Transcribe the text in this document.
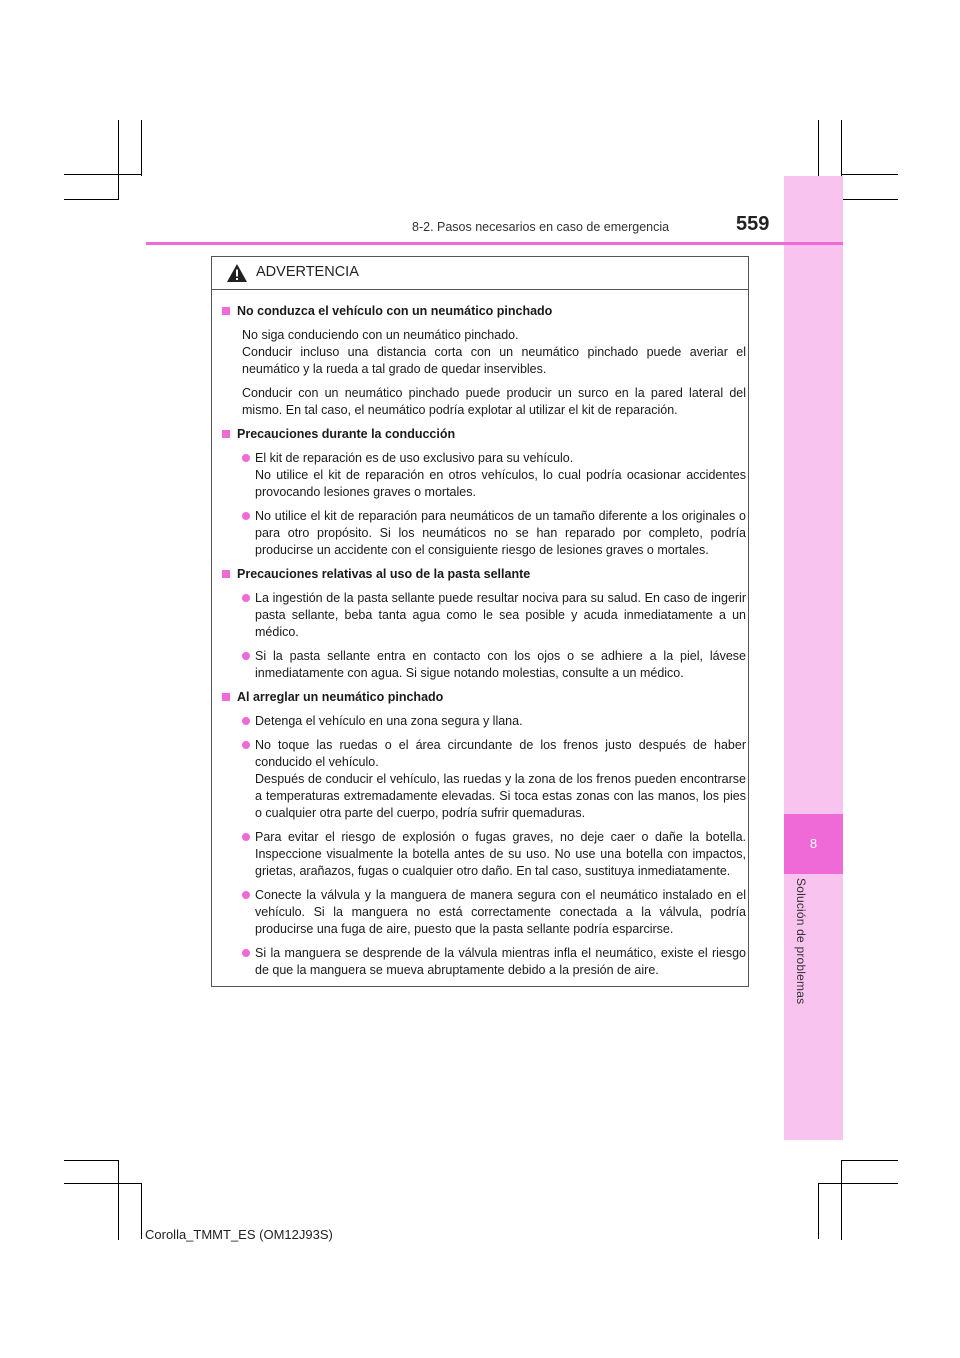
8
Solución de problemas
8-2. Pasos necesarios en caso de emergencia	559
ADVERTENCIA
No conduzca el vehículo con un neumático pinchado
No siga conduciendo con un neumático pinchado.
Conducir incluso una distancia corta con un neumático pinchado puede averiar el neumático y la rueda a tal grado de quedar inservibles.
Conducir con un neumático pinchado puede producir un surco en la pared lateral del mismo. En tal caso, el neumático podría explotar al utilizar el kit de reparación.
Precauciones durante la conducción
El kit de reparación es de uso exclusivo para su vehículo.
No utilice el kit de reparación en otros vehículos, lo cual podría ocasionar accidentes provocando lesiones graves o mortales.
No utilice el kit de reparación para neumáticos de un tamaño diferente a los originales o para otro propósito. Si los neumáticos no se han reparado por completo, podría producirse un accidente con el consiguiente riesgo de lesiones graves o mortales.
Precauciones relativas al uso de la pasta sellante
La ingestión de la pasta sellante puede resultar nociva para su salud. En caso de ingerir pasta sellante, beba tanta agua como le sea posible y acuda inmediatamente a un médico.
Si la pasta sellante entra en contacto con los ojos o se adhiere a la piel, lávese inmediatamente con agua. Si sigue notando molestias, consulte a un médico.
Al arreglar un neumático pinchado
Detenga el vehículo en una zona segura y llana.
No toque las ruedas o el área circundante de los frenos justo después de haber conducido el vehículo.
Después de conducir el vehículo, las ruedas y la zona de los frenos pueden encontrarse a temperaturas extremadamente elevadas. Si toca estas zonas con las manos, los pies o cualquier otra parte del cuerpo, podría sufrir quemaduras.
Para evitar el riesgo de explosión o fugas graves, no deje caer o dañe la botella. Inspeccione visualmente la botella antes de su uso. No use una botella con impactos, grietas, arañazos, fugas o cualquier otro daño. En tal caso, sustituya inmediatamente.
Conecte la válvula y la manguera de manera segura con el neumático instalado en el vehículo. Si la manguera no está correctamente conectada a la válvula, podría producirse una fuga de aire, puesto que la pasta sellante podría esparcirse.
Si la manguera se desprende de la válvula mientras infla el neumático, existe el riesgo de que la manguera se mueva abruptamente debido a la presión de aire.
Corolla_TMMT_ES (OM12J93S)
